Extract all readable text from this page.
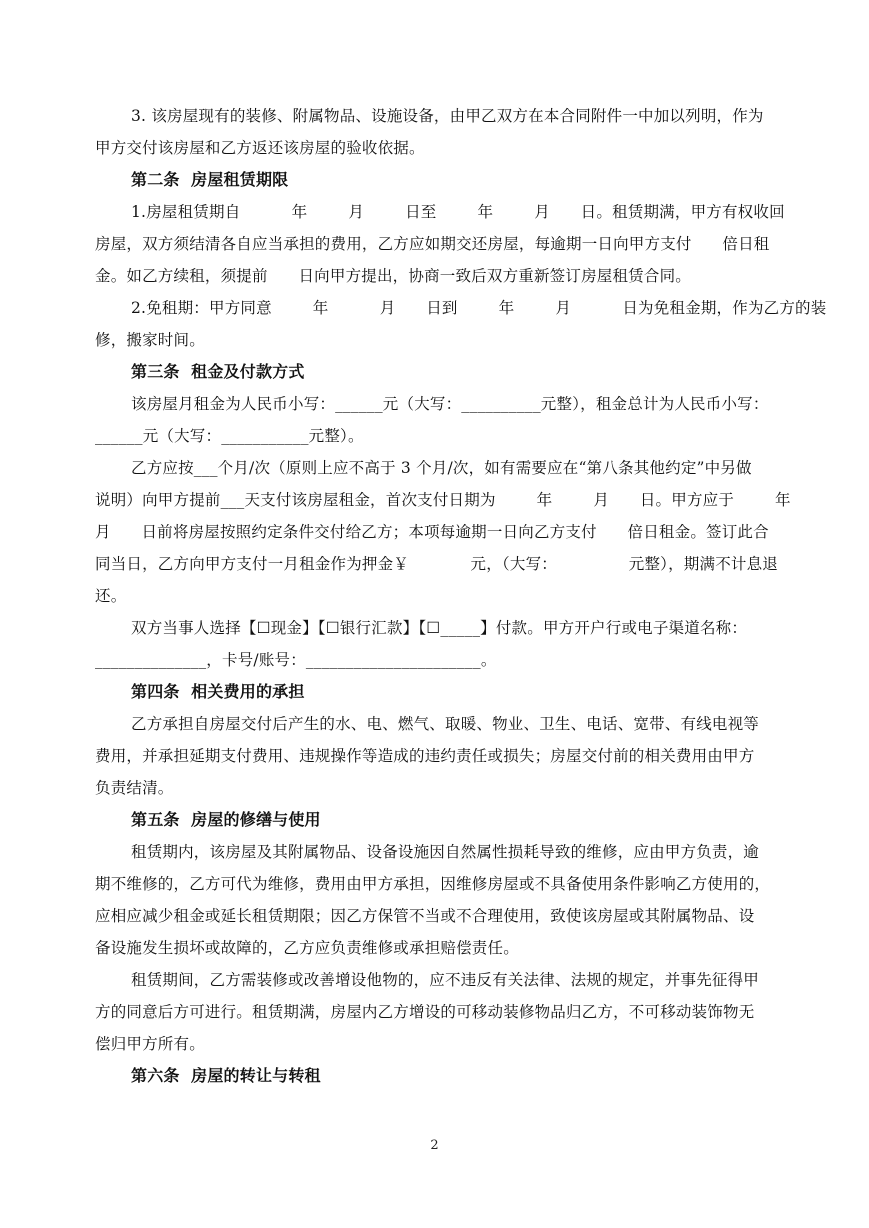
3. 该房屋现有的装修、附属物品、设施设备，由甲乙双方在本合同附件一中加以列明，作为
甲方交付该房屋和乙方返还该房屋的验收依据。
第二条  房屋租赁期限
1.房屋租赁期自          年        月        日至        年        月      日。租赁期满，甲方有权收回
房屋，双方须结清各自应当承担的费用，乙方应如期交还房屋，每逾期一日向甲方支付      倍日租
金。如乙方续租，须提前      日向甲方提出，协商一致后双方重新签订房屋租赁合同。
2.免租期：甲方同意        年          月      日到        年        月          日为免租金期，作为乙方的装
修，搬家时间。
第三条  租金及付款方式
该房屋月租金为人民币小写：______元（大写：__________元整），租金总计为人民币小写：
______元（大写：___________元整）。
乙方应按___个月/次（原则上应不高于 3 个月/次，如有需要应在“第八条其他约定”中另做
说明）向甲方提前___天支付该房屋租金，首次支付日期为        年        月      日。甲方应于        年
月      日前将房屋按照约定条件交付给乙方；本项每逾期一日向乙方支付      倍日租金。签订此合
同当日，乙方向甲方支付一月租金作为押金￥            元，（大写：              元整），期满不计息退
还。
双方当事人选择【☐现金】【☐银行汇款】【☐_____】付款。甲方开户行或电子渠道名称：
______________，卡号/账号：______________________。
第四条  相关费用的承担
乙方承担自房屋交付后产生的水、电、燃气、取暖、物业、卫生、电话、宽带、有线电视等
费用，并承担延期支付费用、违规操作等造成的违约责任或损失；房屋交付前的相关费用由甲方
负责结清。
第五条  房屋的修缮与使用
租赁期内，该房屋及其附属物品、设备设施因自然属性损耗导致的维修，应由甲方负责，逾
期不维修的，乙方可代为维修，费用由甲方承担，因维修房屋或不具备使用条件影响乙方使用的，
应相应减少租金或延长租赁期限；因乙方保管不当或不合理使用，致使该房屋或其附属物品、设
备设施发生损坏或故障的，乙方应负责维修或承担赔偿责任。
租赁期间，乙方需装修或改善增设他物的，应不违反有关法律、法规的规定，并事先征得甲
方的同意后方可进行。租赁期满，房屋内乙方增设的可移动装修物品归乙方，不可移动装饰物无
偿归甲方所有。
第六条  房屋的转让与转租
2
